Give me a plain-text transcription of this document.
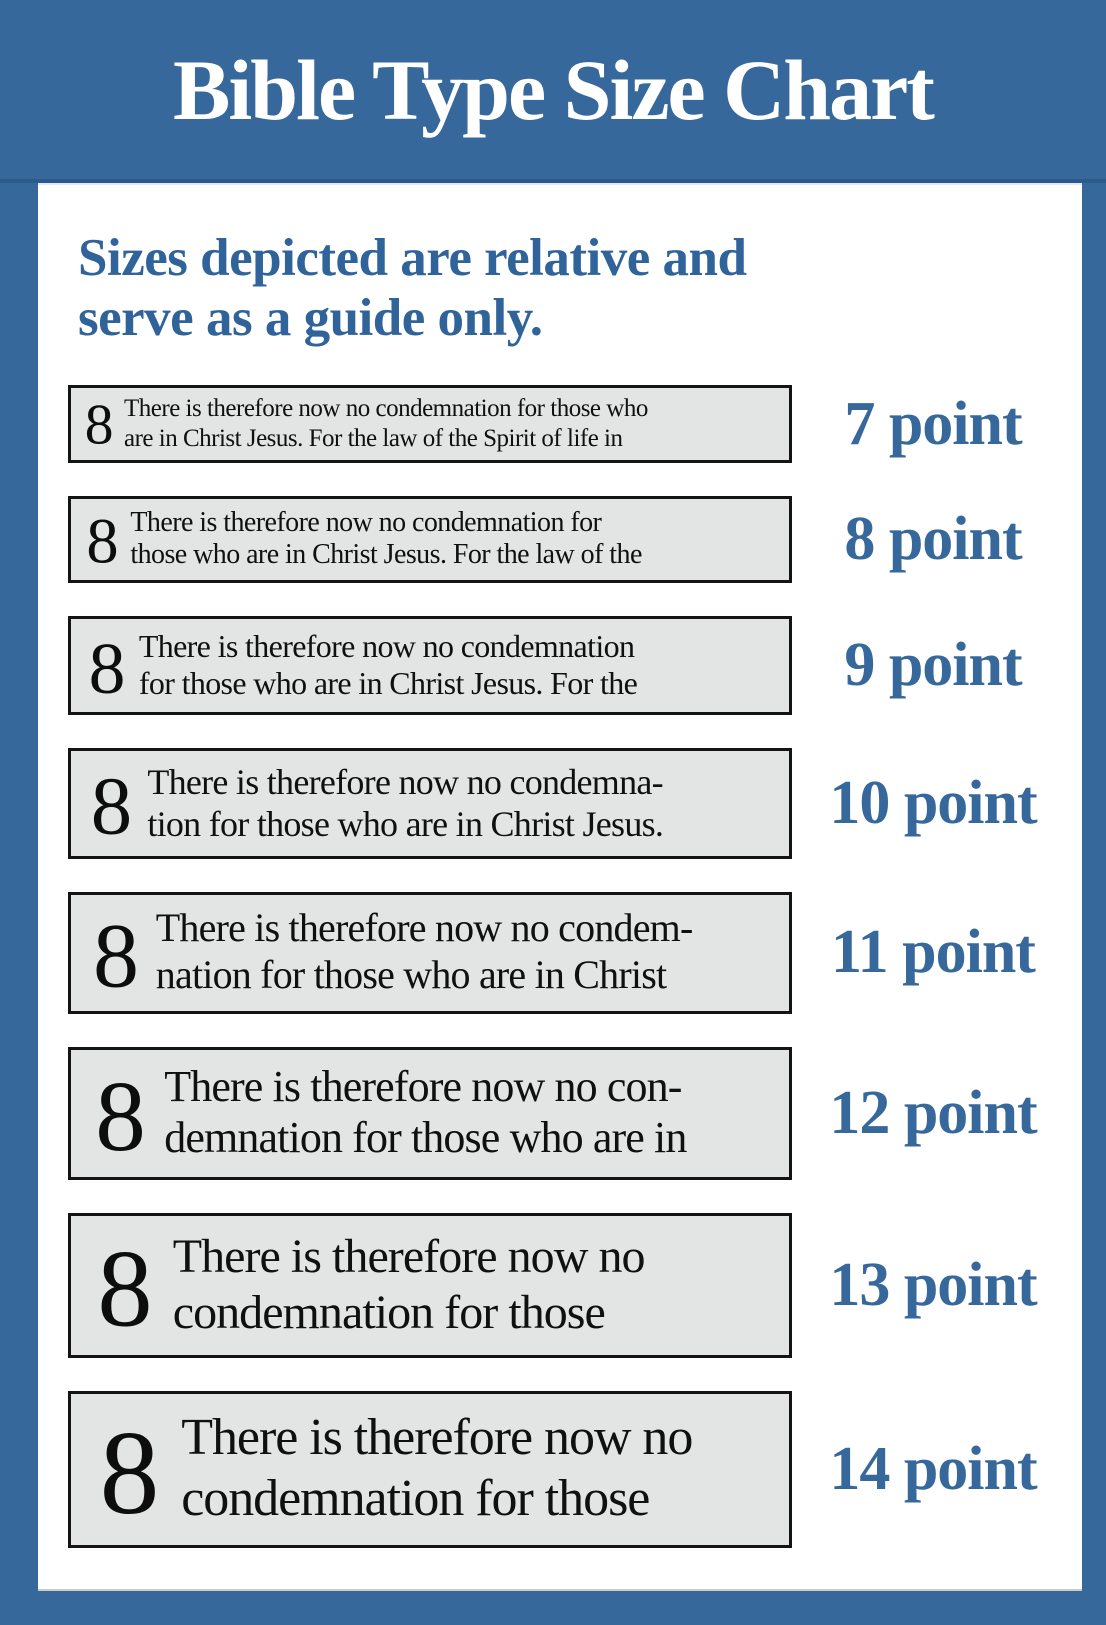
Bible Type Size Chart
Sizes depicted are relative and
serve as a guide only.
8 There is therefore now no condemnation for those who
are in Christ Jesus. For the law of the Spirit of life in	7 point
8 There is therefore now no condemnation for
those who are in Christ Jesus. For the law of the	8 point
8 There is therefore now no condemnation
for those who are in Christ Jesus. For the	9 point
8 There is therefore now no condemna-
tion for those who are in Christ Jesus.	10 point
8 There is therefore now no condem-
nation for those who are in Christ	11 point
8 There is therefore now no con-
demnation for those who are in	12 point
8 There is therefore now no
condemnation for those	13 point
8 There is therefore now no
condemnation for those	14 point
